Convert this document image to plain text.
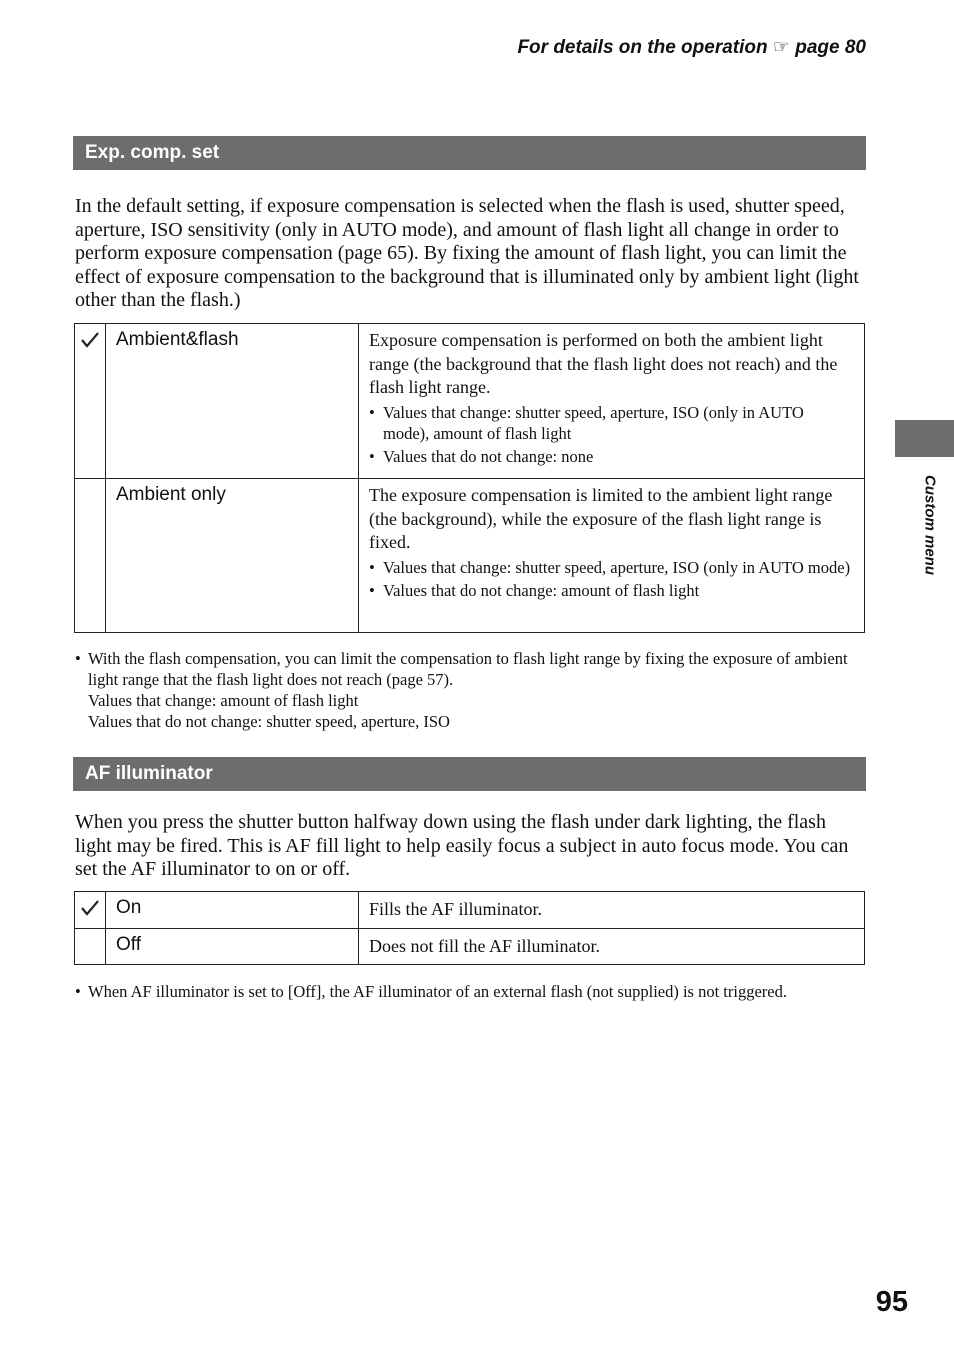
For details on the operation ☞ page 80
Exp. comp. set

In the default setting, if exposure compensation is selected when the flash is used, shutter speed, aperture, ISO sensitivity (only in AUTO mode), and amount of flash light all change in order to perform exposure compensation (page 65). By fixing the amount of flash light, you can limit the effect of exposure compensation to the background that is illuminated only by ambient light (light other than the flash.)

	Ambient&flash	Exposure compensation is performed on both the ambient light range (the background that the flash light does not reach) and the flash light range.
• Values that change: shutter speed, aperture, ISO (only in AUTO mode), amount of flash light
• Values that do not change: none

	Ambient only	The exposure compensation is limited to the ambient light range (the background), while the exposure of the flash light range is fixed.
• Values that change: shutter speed, aperture, ISO (only in AUTO mode)
• Values that do not change: amount of flash light
• With the flash compensation, you can limit the compensation to flash light range by fixing the exposure of ambient light range that the flash light does not reach (page 57).
Values that change: amount of flash light
Values that do not change: shutter speed, aperture, ISO
AF illuminator

When you press the shutter button halfway down using the flash under dark lighting, the flash light may be fired. This is AF fill light to help easily focus a subject in auto focus mode. You can set the AF illuminator to on or off.

	On	Fills the AF illuminator.
	Off	Does not fill the AF illuminator.
• When AF illuminator is set to [Off], the AF illuminator of an external flash (not supplied) is not triggered.
Custom menu
95
